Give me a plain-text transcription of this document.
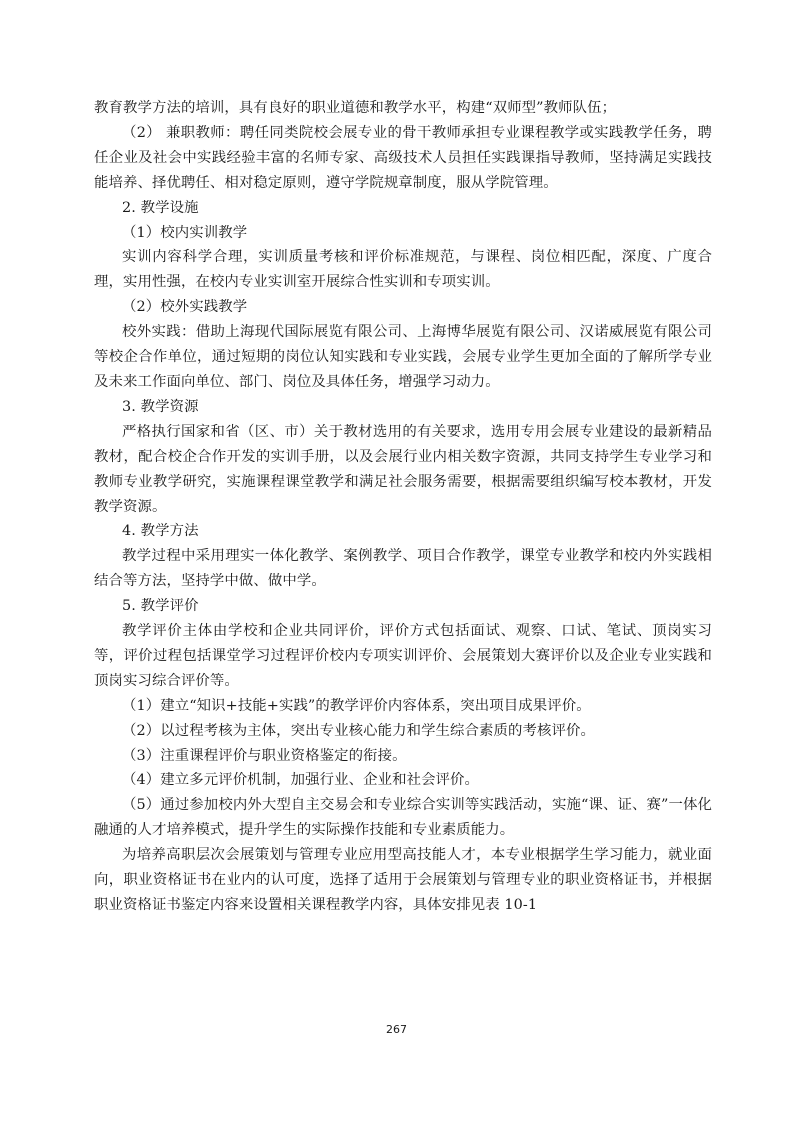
教育教学方法的培训，具有良好的职业道德和教学水平，构建“双师型”教师队伍；

（2） 兼职教师：聘任同类院校会展专业的骨干教师承担专业课程教学或实践教学任务，聘任企业及社会中实践经验丰富的名师专家、高级技术人员担任实践课指导教师，坚持满足实践技能培养、择优聘任、相对稳定原则，遵守学院规章制度，服从学院管理。

2. 教学设施

（1）校内实训教学

实训内容科学合理，实训质量考核和评价标准规范，与课程、岗位相匹配，深度、广度合理，实用性强，在校内专业实训室开展综合性实训和专项实训。

（2）校外实践教学

校外实践：借助上海现代国际展览有限公司、上海博华展览有限公司、汉诺威展览有限公司等校企合作单位，通过短期的岗位认知实践和专业实践，会展专业学生更加全面的了解所学专业及未来工作面向单位、部门、岗位及具体任务，增强学习动力。

3. 教学资源

严格执行国家和省（区、市）关于教材选用的有关要求，选用专用会展专业建设的最新精品教材，配合校企合作开发的实训手册，以及会展行业内相关数字资源，共同支持学生专业学习和教师专业教学研究，实施课程课堂教学和满足社会服务需要，根据需要组织编写校本教材，开发教学资源。

4. 教学方法

教学过程中采用理实一体化教学、案例教学、项目合作教学，课堂专业教学和校内外实践相结合等方法，坚持学中做、做中学。

5. 教学评价

教学评价主体由学校和企业共同评价，评价方式包括面试、观察、口试、笔试、顶岗实习等，评价过程包括课堂学习过程评价校内专项实训评价、会展策划大赛评价以及企业专业实践和顶岗实习综合评价等。

（1）建立“知识+技能+实践”的教学评价内容体系，突出项目成果评价。

（2）以过程考核为主体，突出专业核心能力和学生综合素质的考核评价。

（3）注重课程评价与职业资格鉴定的衔接。

（4）建立多元评价机制，加强行业、企业和社会评价。

（5）通过参加校内外大型自主交易会和专业综合实训等实践活动，实施“课、证、赛”一体化融通的人才培养模式，提升学生的实际操作技能和专业素质能力。

为培养高职层次会展策划与管理专业应用型高技能人才，本专业根据学生学习能力，就业面向，职业资格证书在业内的认可度，选择了适用于会展策划与管理专业的职业资格证书，并根据职业资格证书鉴定内容来设置相关课程教学内容，具体安排见表 10-1

267
